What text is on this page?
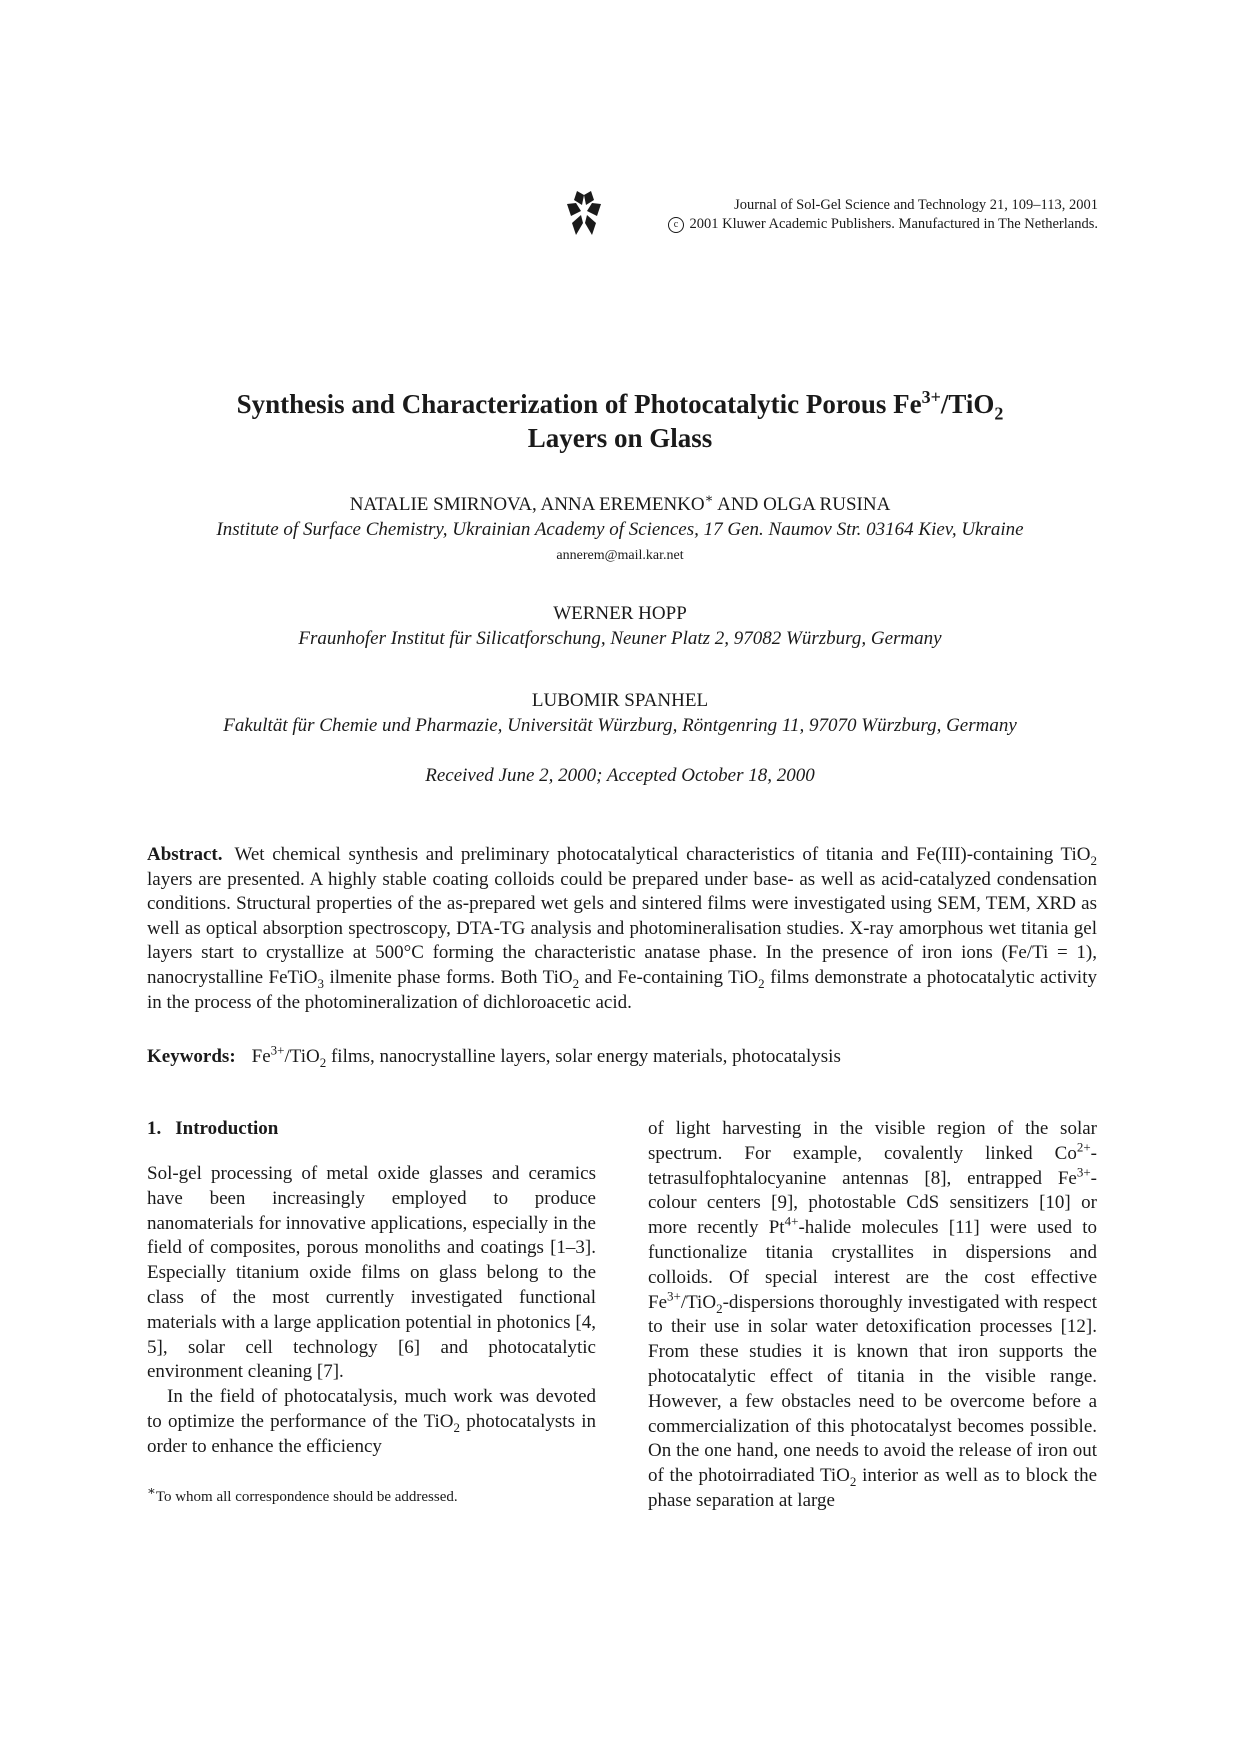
Journal of Sol-Gel Science and Technology 21, 109–113, 2001
c 2001 Kluwer Academic Publishers. Manufactured in The Netherlands.
Synthesis and Characterization of Photocatalytic Porous $Fe^{3+}/TiO_2$
Layers on Glass
NATALIE SMIRNOVA, ANNA EREMENKO∗ AND OLGA RUSINA
Institute of Surface Chemistry, Ukrainian Academy of Sciences, 17 Gen. Naumov Str. 03164 Kiev, Ukraine
annerem@mail.kar.net
WERNER HOPP
Fraunhofer Institut für Silicatforschung, Neuner Platz 2, 97082 Würzburg, Germany
LUBOMIR SPANHEL
Fakultät für Chemie und Pharmazie, Universität Würzburg, Röntgenring 11, 97070 Würzburg, Germany
Received June 2, 2000; Accepted October 18, 2000
Abstract. Wet chemical synthesis and preliminary photocatalytical characteristics of titania and Fe(III)-containing TiO$_2$ layers are presented. A highly stable coating colloids could be prepared under base- as well as acid-catalyzed condensation conditions. Structural properties of the as-prepared wet gels and sintered films were investigated using SEM, TEM, XRD as well as optical absorption spectroscopy, DTA-TG analysis and photomineralisation studies. X-ray amorphous wet titania gel layers start to crystallize at 500°C forming the characteristic anatase phase. In the presence of iron ions (Fe/Ti = 1), nanocrystalline FeTiO$_3$ ilmenite phase forms. Both TiO$_2$ and Fe-containing TiO$_2$ films demonstrate a photocatalytic activity in the process of the photomineralization of dichloroacetic acid.
Keywords: $Fe^{3+}/TiO_2$ films, nanocrystalline layers, solar energy materials, photocatalysis
1. Introduction

Sol-gel processing of metal oxide glasses and ceramics have been increasingly employed to produce nanomaterials for innovative applications, especially in the field of composites, porous monoliths and coatings [1–3]. Especially titanium oxide films on glass belong to the class of the most currently investigated functional materials with a large application potential in photonics [4, 5], solar cell technology [6] and photocatalytic environment cleaning [7].

In the field of photocatalysis, much work was devoted to optimize the performance of the TiO$_2$ photocatalysts in order to enhance the efficiency

∗To whom all correspondence should be addressed.

of light harvesting in the visible region of the solar spectrum. For example, covalently linked $Co^{2+}$-tetrasulfophtalocyanine antennas [8], entrapped $Fe^{3+}$-colour centers [9], photostable CdS sensitizers [10] or more recently $Pt^{4+}$-halide molecules [11] were used to functionalize titania crystallites in dispersions and colloids. Of special interest are the cost effective $Fe^{3+}/TiO_2$-dispersions thoroughly investigated with respect to their use in solar water detoxification processes [12]. From these studies it is known that iron supports the photocatalytic effect of titania in the visible range. However, a few obstacles need to be overcome before a commercialization of this photocatalyst becomes possible. On the one hand, one needs to avoid the release of iron out of the photoirradiated TiO$_2$ interior as well as to block the phase separation at large
